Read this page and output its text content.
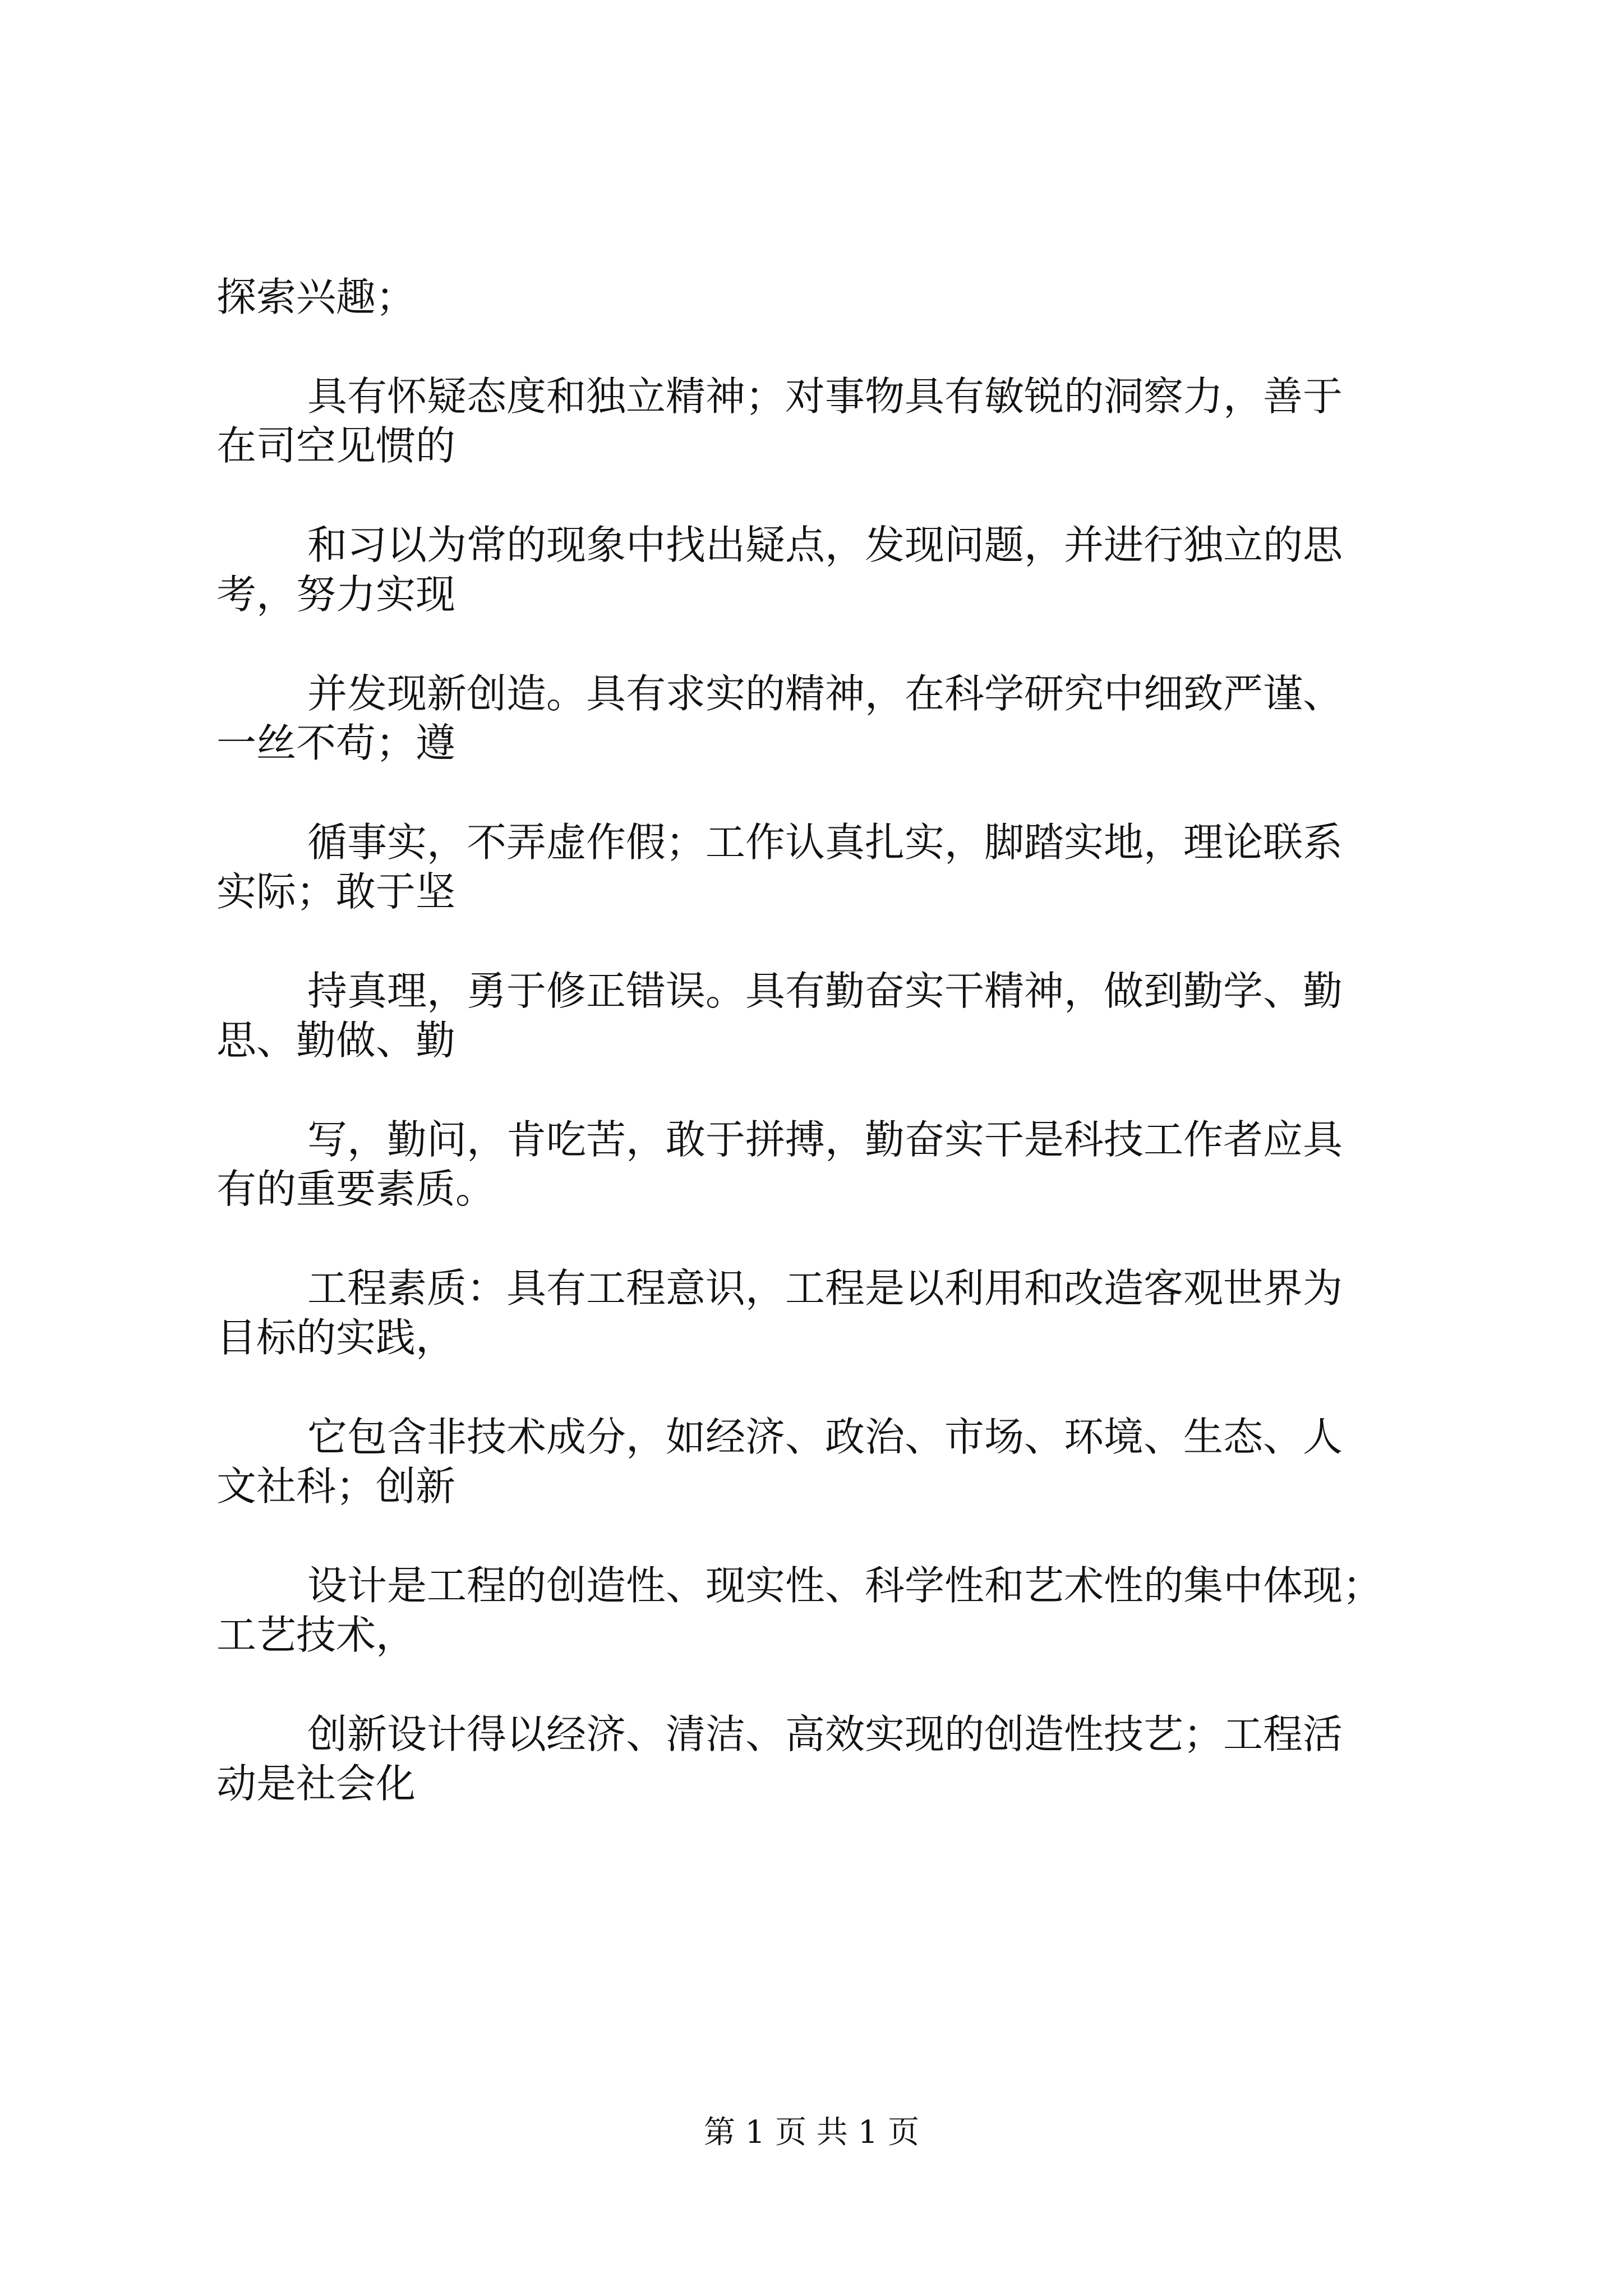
探索兴趣；
具有怀疑态度和独立精神；对事物具有敏锐的洞察力，善于
在司空见惯的
和习以为常的现象中找出疑点，发现问题，并进行独立的思
考，努力实现
并发现新创造。具有求实的精神，在科学研究中细致严谨、
一丝不苟；遵
循事实，不弄虚作假；工作认真扎实，脚踏实地，理论联系
实际；敢于坚
持真理，勇于修正错误。具有勤奋实干精神，做到勤学、勤
思、勤做、勤
写，勤问，肯吃苦，敢于拼搏，勤奋实干是科技工作者应具
有的重要素质。
工程素质：具有工程意识，工程是以利用和改造客观世界为
目标的实践，
它包含非技术成分，如经济、政治、市场、环境、生态、人
文社科；创新
设计是工程的创造性、现实性、科学性和艺术性的集中体现；
工艺技术，
创新设计得以经济、清洁、高效实现的创造性技艺；工程活
动是社会化
第 1 页 共 1 页
